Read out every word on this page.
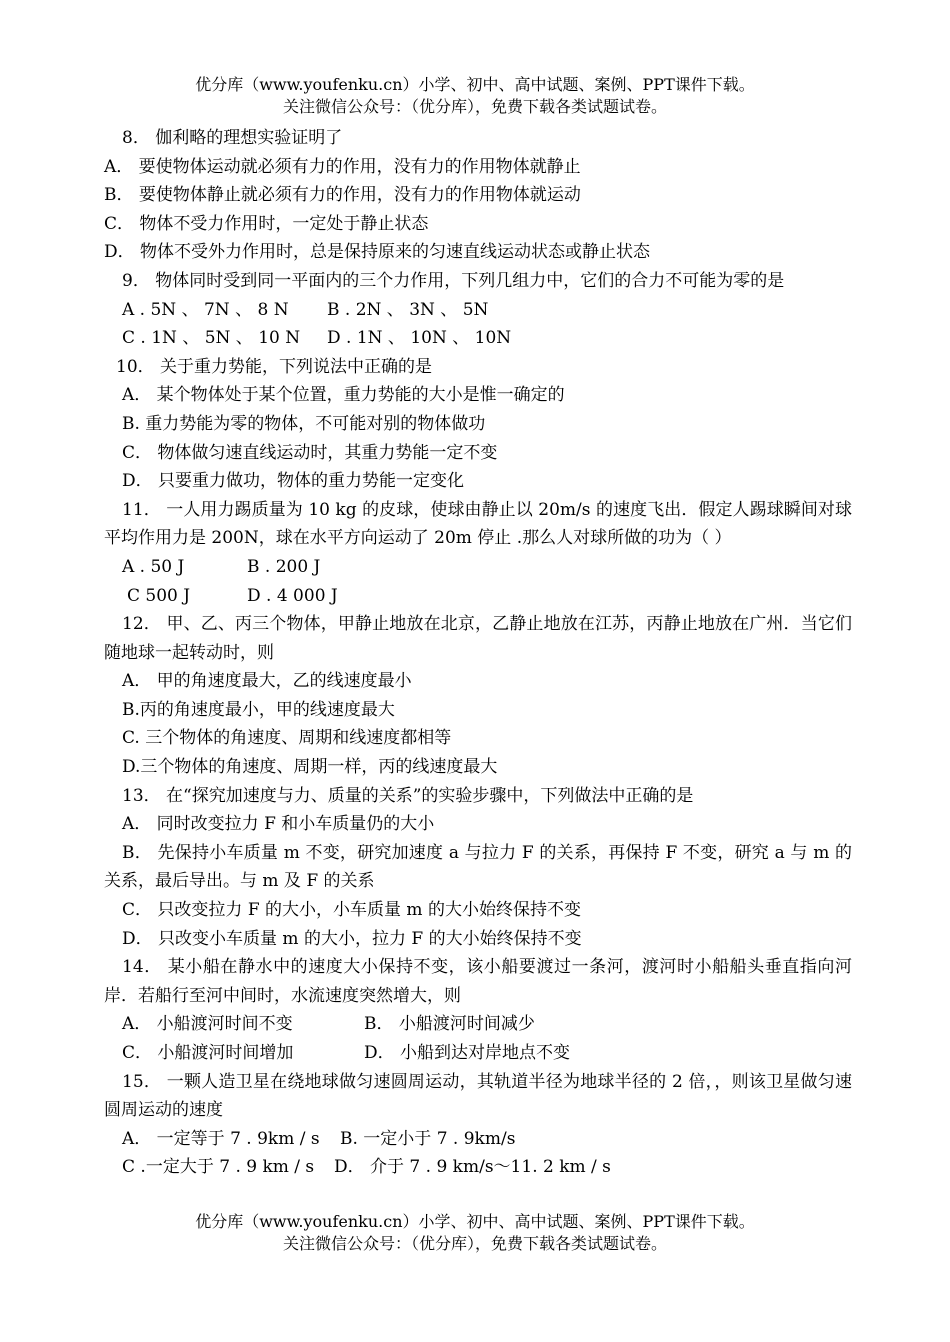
优分库（www.youfenku.cn）小学、初中、高中试题、案例、PPT课件下载。
关注微信公众号：（优分库），免费下载各类试题试卷。
8． 伽利略的理想实验证明了
A． 要使物体运动就必须有力的作用，没有力的作用物体就静止
B． 要使物体静止就必须有力的作用，没有力的作用物体就运动
C． 物体不受力作用时，一定处于静止状态
D． 物体不受外力作用时，总是保持原来的匀速直线运动状态或静止状态
9． 物体同时受到同一平面内的三个力作用，下列几组力中，它们的合力不可能为零的是
A . 5N 、 7N 、 8 N B . 2N 、 3N 、 5N
C . 1N 、 5N 、 10 N D . 1N 、 10N 、 10N
10． 关于重力势能，下列说法中正确的是
A． 某个物体处于某个位置，重力势能的大小是惟一确定的
B. 重力势能为零的物体，不可能对别的物体做功
C． 物体做匀速直线运动时，其重力势能一定不变
D． 只要重力做功，物体的重力势能一定变化
11． 一人用力踢质量为 10 kg 的皮球，使球由静止以 20m/s 的速度飞出．假定人踢球瞬间对球平均作用力是 200N，球在水平方向运动了 20m 停止 .那么人对球所做的功为（ ）
A . 50 J	B . 200 J
C 500 J	D . 4 000 J
12． 甲、乙、丙三个物体，甲静止地放在北京，乙静止地放在江苏，丙静止地放在广州．当它们随地球一起转动时，则
A． 甲的角速度最大，乙的线速度最小
B.丙的角速度最小，甲的线速度最大
C. 三个物体的角速度、周期和线速度都相等
D.三个物体的角速度、周期一样，丙的线速度最大
13． 在“探究加速度与力、质量的关系”的实验步骤中，下列做法中正确的是
A． 同时改变拉力 F 和小车质量仍的大小
B． 先保持小车质量 m 不变，研究加速度 a 与拉力 F 的关系，再保持 F 不变，研究 a 与 m 的关系，最后导出。与 m 及 F 的关系
C． 只改变拉力 F 的大小，小车质量 m 的大小始终保持不变
D． 只改变小车质量 m 的大小，拉力 F 的大小始终保持不变
14． 某小船在静水中的速度大小保持不变，该小船要渡过一条河，渡河时小船船头垂直指向河岸．若船行至河中间时，水流速度突然增大，则
A． 小船渡河时间不变	B． 小船渡河时间减少
C． 小船渡河时间增加	D． 小船到达对岸地点不变
15． 一颗人造卫星在绕地球做匀速圆周运动，其轨道半径为地球半径的 2 倍，，则该卫星做匀速圆周运动的速度
A． 一定等于 7 . 9km / s B. 一定小于 7 . 9km/s
C .一定大于 7 . 9 km / s D． 介于 7 . 9 km/s～11. 2 km / s
优分库（www.youfenku.cn）小学、初中、高中试题、案例、PPT课件下载。
关注微信公众号：（优分库），免费下载各类试题试卷。
